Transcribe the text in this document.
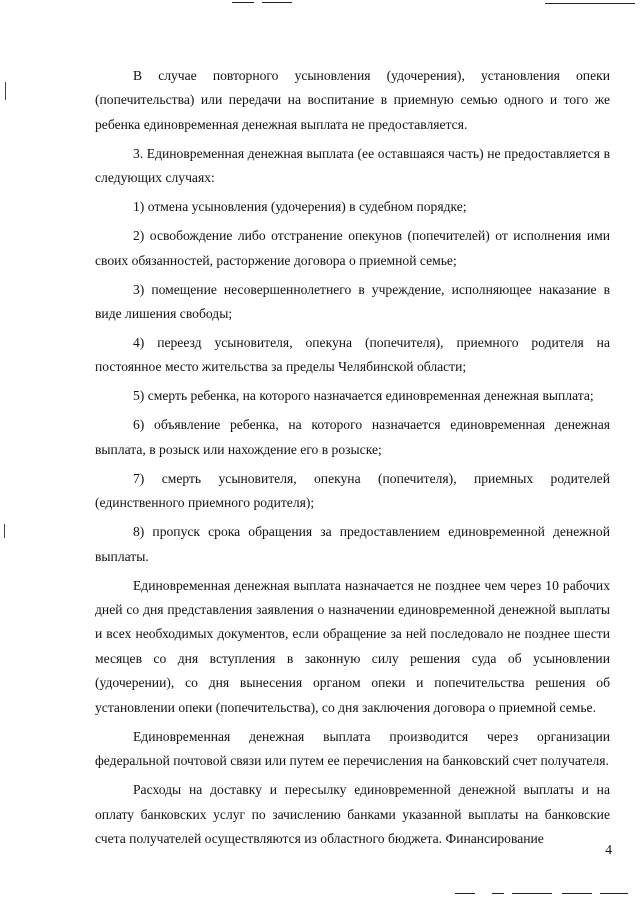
В случае повторного усыновления (удочерения), установления опеки (попечительства) или передачи на воспитание в приемную семью одного и того же ребенка единовременная денежная выплата не предоставляется.

3. Единовременная денежная выплата (ее оставшаяся часть) не предоставляется в следующих случаях:

1) отмена усыновления (удочерения) в судебном порядке;

2) освобождение либо отстранение опекунов (попечителей) от исполнения ими своих обязанностей, расторжение договора о приемной семье;

3) помещение несовершеннолетнего в учреждение, исполняющее наказание в виде лишения свободы;

4) переезд усыновителя, опекуна (попечителя), приемного родителя на постоянное место жительства за пределы Челябинской области;

5) смерть ребенка, на которого назначается единовременная денежная выплата;

6) объявление ребенка, на которого назначается единовременная денежная выплата, в розыск или нахождение его в розыске;

7) смерть усыновителя, опекуна (попечителя), приемных родителей (единственного приемного родителя);

8) пропуск срока обращения за предоставлением единовременной денежной выплаты.

Единовременная денежная выплата назначается не позднее чем через 10 рабочих дней со дня представления заявления о назначении единовременной денежной выплаты и всех необходимых документов, если обращение за ней последовало не позднее шести месяцев со дня вступления в законную силу решения суда об усыновлении (удочерении), со дня вынесения органом опеки и попечительства решения об установлении опеки (попечительства), со дня заключения договора о приемной семье.

Единовременная денежная выплата производится через организации федеральной почтовой связи или путем ее перечисления на банковский счет получателя.

Расходы на доставку и пересылку единовременной денежной выплаты и на оплату банковских услуг по зачислению банками указанной выплаты на банковские счета получателей осуществляются из областного бюджета. Финансирование

4
